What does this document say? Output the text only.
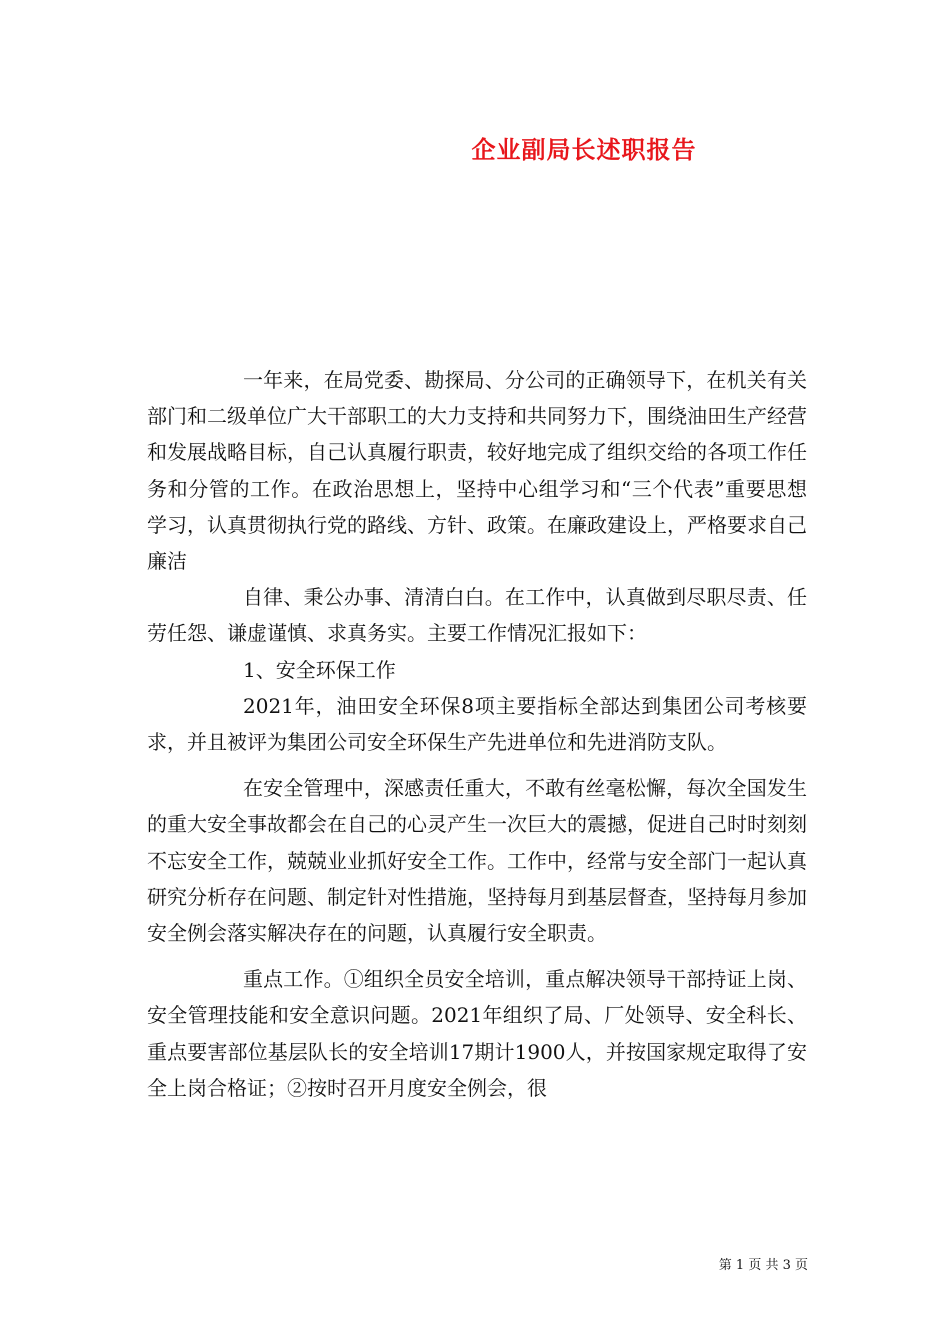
企业副局长述职报告

一年来，在局党委、勘探局、分公司的正确领导下，在机关有关部门和二级单位广大干部职工的大力支持和共同努力下，围绕油田生产经营和发展战略目标，自己认真履行职责，较好地完成了组织交给的各项工作任务和分管的工作。在政治思想上，坚持中心组学习和“三个代表”重要思想学习，认真贯彻执行党的路线、方针、政策。在廉政建设上，严格要求自己廉洁

自律、秉公办事、清清白白。在工作中，认真做到尽职尽责、任劳任怨、谦虚谨慎、求真务实。主要工作情况汇报如下：

1、安全环保工作

2021年，油田安全环保8项主要指标全部达到集团公司考核要求，并且被评为集团公司安全环保生产先进单位和先进消防支队。

在安全管理中，深感责任重大，不敢有丝毫松懈，每次全国发生的重大安全事故都会在自己的心灵产生一次巨大的震撼，促进自己时时刻刻不忘安全工作，兢兢业业抓好安全工作。工作中，经常与安全部门一起认真研究分析存在问题、制定针对性措施，坚持每月到基层督查，坚持每月参加安全例会落实解决存在的问题，认真履行安全职责。

重点工作。①组织全员安全培训，重点解决领导干部持证上岗、安全管理技能和安全意识问题。2021年组织了局、厂处领导、安全科长、重点要害部位基层队长的安全培训17期计1900人，并按国家规定取得了安全上岗合格证；②按时召开月度安全例会，很

第 1 页 共 3 页
